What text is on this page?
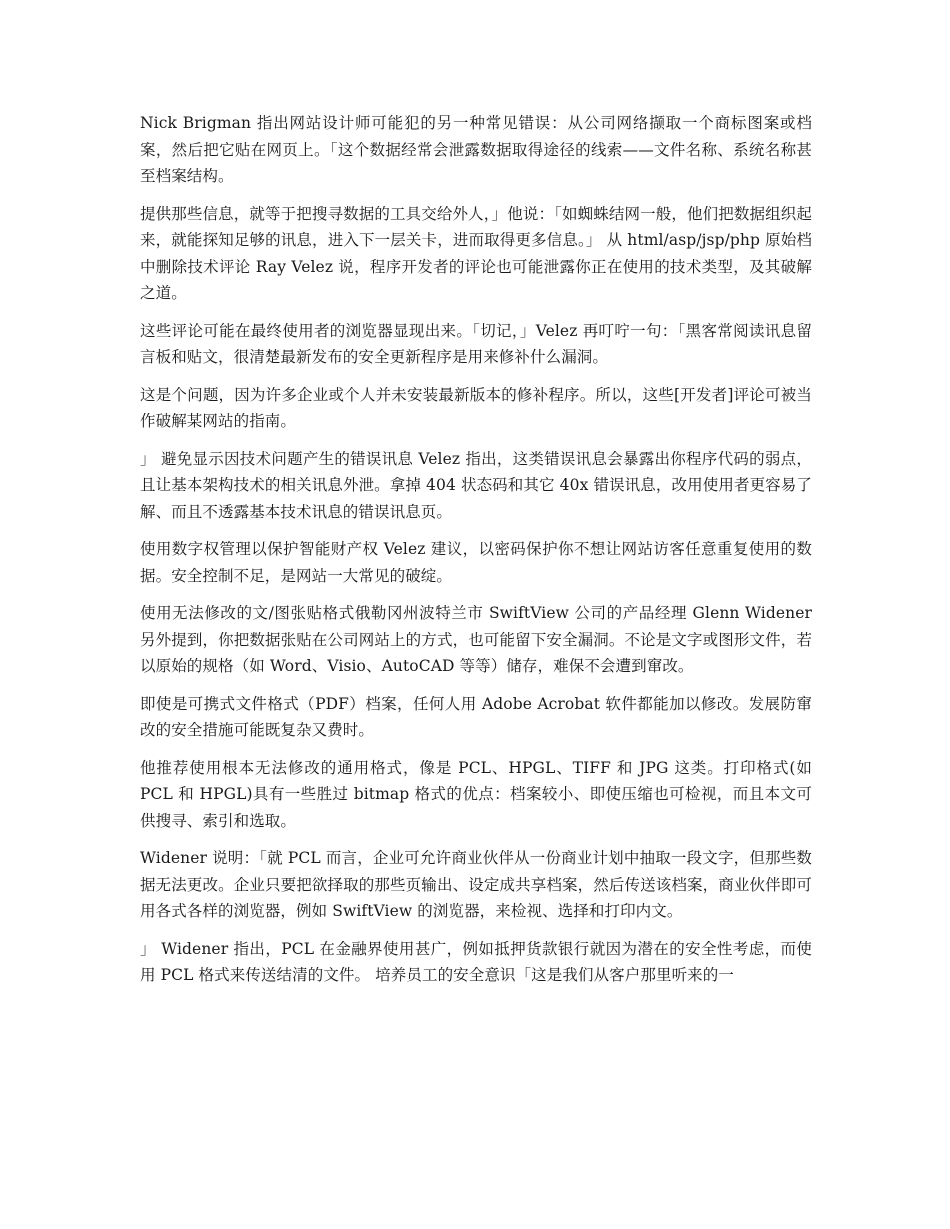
Nick Brigman 指出网站设计师可能犯的另一种常见错误：从公司网络撷取一个商标图案或档案，然后把它贴在网页上。「这个数据经常会泄露数据取得途径的线索——文件名称、系统名称甚至档案结构。

提供那些信息，就等于把搜寻数据的工具交给外人，」他说：「如蜘蛛结网一般，他们把数据组织起来，就能探知足够的讯息，进入下一层关卡，进而取得更多信息。」 从 html/asp/jsp/php 原始档中删除技术评论 Ray Velez 说，程序开发者的评论也可能泄露你正在使用的技术类型，及其破解之道。

这些评论可能在最终使用者的浏览器显现出来。「切记，」Velez 再叮咛一句：「黑客常阅读讯息留言板和贴文，很清楚最新发布的安全更新程序是用来修补什么漏洞。

这是个问题，因为许多企业或个人并未安装最新版本的修补程序。所以，这些[开发者]评论可被当作破解某网站的指南。

」 避免显示因技术问题产生的错误讯息 Velez 指出，这类错误讯息会暴露出你程序代码的弱点，且让基本架构技术的相关讯息外泄。拿掉 404 状态码和其它 40x 错误讯息，改用使用者更容易了解、而且不透露基本技术讯息的错误讯息页。

使用数字权管理以保护智能财产权 Velez 建议，以密码保护你不想让网站访客任意重复使用的数据。安全控制不足，是网站一大常见的破绽。

使用无法修改的文/图张贴格式俄勒冈州波特兰市 SwiftView 公司的产品经理 Glenn Widener 另外提到，你把数据张贴在公司网站上的方式，也可能留下安全漏洞。不论是文字或图形文件，若以原始的规格（如 Word、Visio、AutoCAD 等等）储存，难保不会遭到窜改。

即使是可携式文件格式（PDF）档案，任何人用 Adobe Acrobat 软件都能加以修改。发展防窜改的安全措施可能既复杂又费时。

他推荐使用根本无法修改的通用格式，像是 PCL、HPGL、TIFF 和 JPG 这类。打印格式(如 PCL 和 HPGL)具有一些胜过 bitmap 格式的优点：档案较小、即使压缩也可检视，而且本文可供搜寻、索引和选取。

Widener 说明：「就 PCL 而言，企业可允许商业伙伴从一份商业计划中抽取一段文字，但那些数据无法更改。企业只要把欲择取的那些页输出、设定成共享档案，然后传送该档案，商业伙伴即可用各式各样的浏览器，例如 SwiftView 的浏览器，来检视、选择和打印内文。

」 Widener 指出，PCL 在金融界使用甚广，例如抵押货款银行就因为潜在的安全性考虑，而使用 PCL 格式来传送结清的文件。 培养员工的安全意识「这是我们从客户那里听来的一
